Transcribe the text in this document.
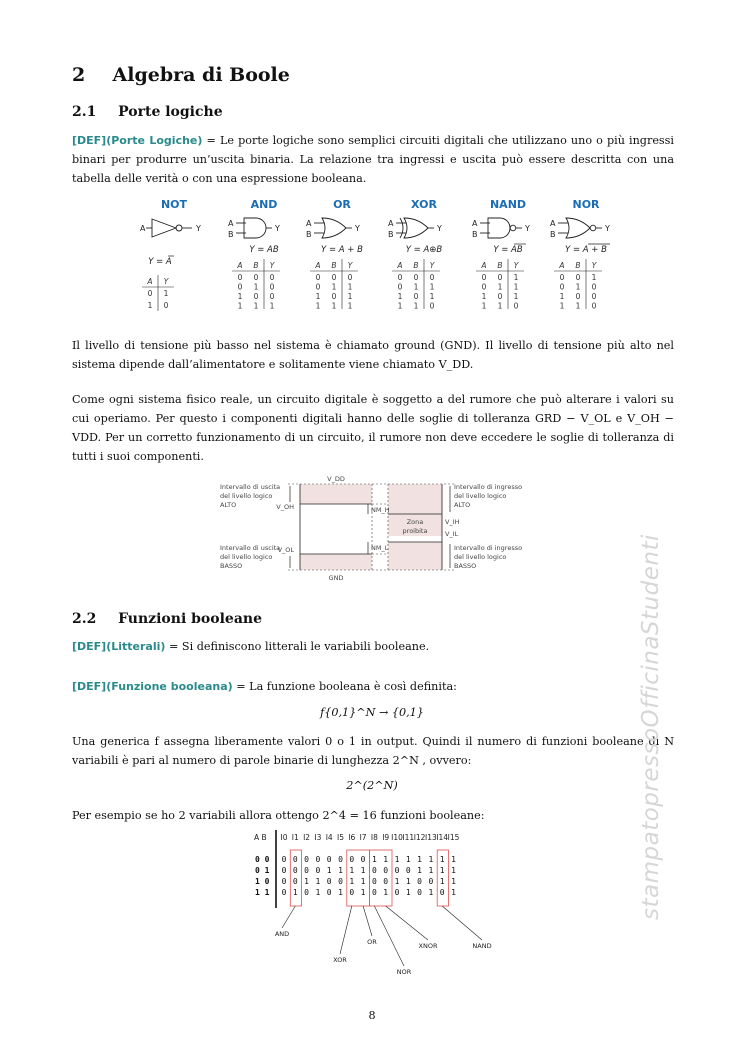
2 Algebra di Boole
2.1 Porte logiche
[DEF](Porte Logiche) = Le porte logiche sono semplici circuiti digitali che utilizzano uno o più ingressi binari per produrre un’uscita binaria. La relazione tra ingressi e uscita può essere descritta con una tabella delle verità o con una espressione booleana.
NOT
A	Y
Y = A
A Y
0 1
1 0
AND
A
B
Y
Y = AB
A B Y
0 0 0
0 1 0
1 0 0
1 1 1
OR
A
B
Y
Y = A + B
A B Y
0 0 0
0 1 1
1 0 1
1 1 1
XOR
A
B
Y
Y = A⊕B
A B Y
0 0 0
0 1 1
1 0 1
1 1 0
NAND
A
B
Y
Y = AB
A B Y
0 0 1
0 1 1
1 0 1
1 1 0
NOR
A
B
Y
Y = A + B
A B Y
0 0 1
0 1 0
1 0 0
1 1 0
Il livello di tensione più basso nel sistema è chiamato ground (GND). Il livello di tensione più alto nel sistema dipende dall’alimentatore e solitamente viene chiamato V_DD.
Come ogni sistema fisico reale, un circuito digitale è soggetto a del rumore che può alterare i valori su cui operiamo. Per questo i componenti digitali hanno delle soglie di tolleranza GRD − V_OL e V_OH − VDD. Per un corretto funzionamento di un circuito, il rumore non deve eccedere le soglie di tolleranza di tutti i suoi componenti.
V_DD
GND
Intervallo di uscita
del livello logico
ALTO
Intervallo di uscita
del livello logico
BASSO
Intervallo di ingresso
del livello logico
ALTO
Intervallo di ingresso
del livello logico
BASSO
V_OH
V_OL
V_IH
V_IL
NM_H
NM_L
Zona
proibita
2.2 Funzioni booleane
[DEF](Litterali) = Si definiscono litterali le variabili booleane.
[DEF](Funzione booleana) = La funzione booleana è così definita:
f{0,1}^N → {0,1}
Una generica f assegna liberamente valori 0 o 1 in output. Quindi il numero di funzioni booleane di N variabili è pari al numero di parole binarie di lunghezza 2^N , ovvero:
2^(2^N)
Per esempio se ho 2 variabili allora ottengo 2^4 = 16 funzioni booleane:
A B I0 I1 I2 I3 I4 I5 I6 I7 I8 I9 I10 I11 I12 I13 I14 I15
0 0 0 0 0 0 0 0 0 0 1 1 1 1 1 1 1 1
0 1 0 0 0 0 1 1 1 1 0 0 0 0 1 1 1 1
1 0 0 0 1 1 0 0 1 1 0 0 1 1 0 0 1 1
1 1 0 1 0 1 0 1 0 1 0 1 0 1 0 1 0 1
AND
OR
XOR
XNOR
NOR
NAND
8
stampatopressoOfficinaStudenti
